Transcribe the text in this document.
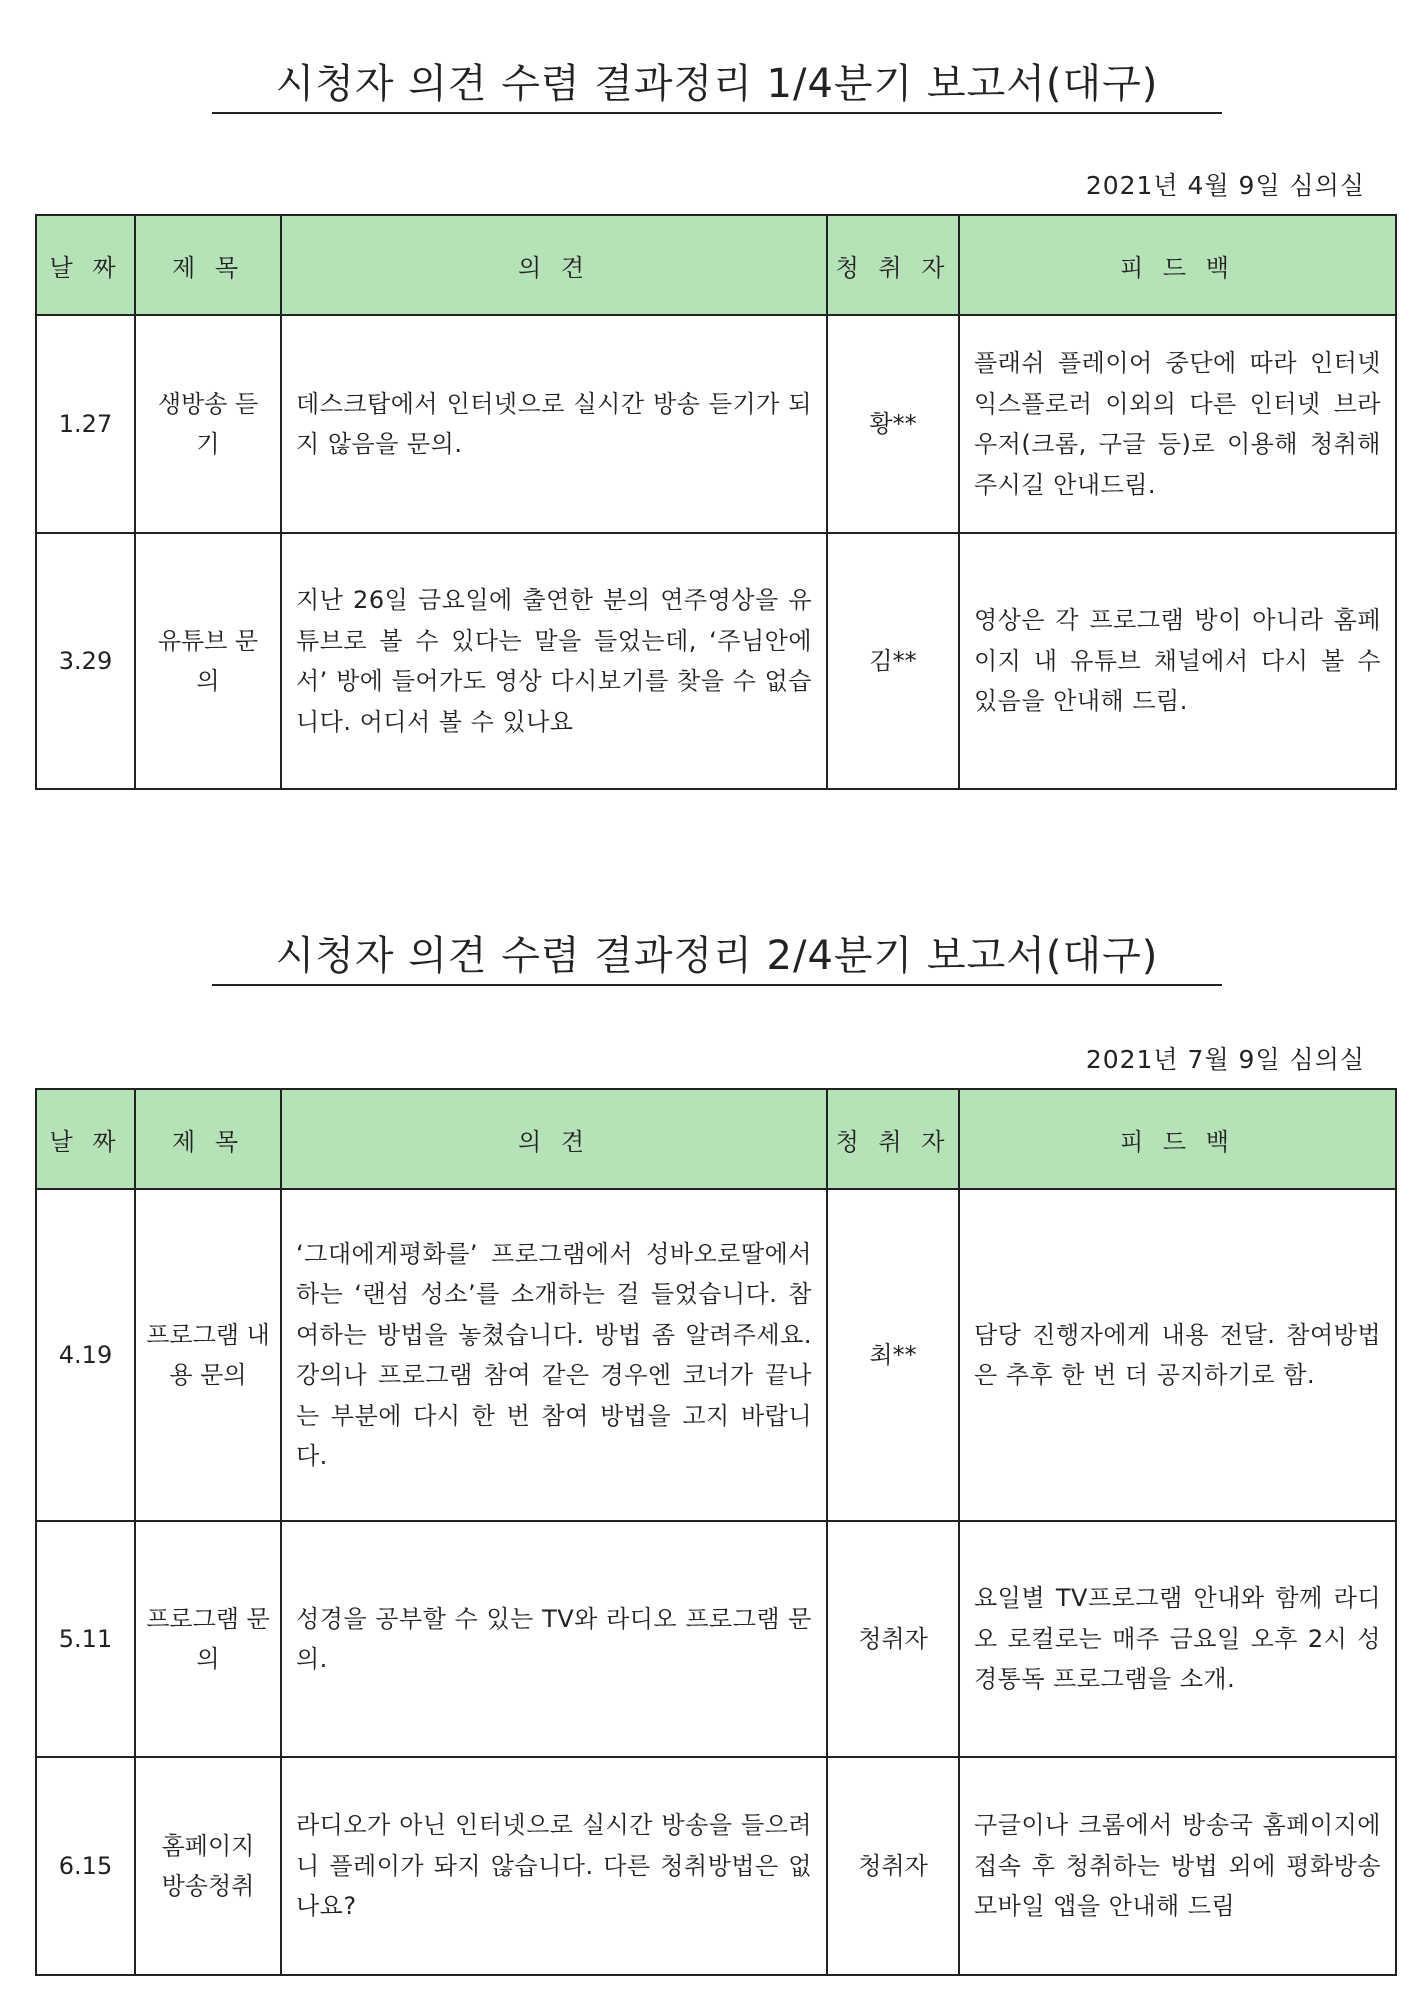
시청자 의견 수렴 결과정리 1/4분기 보고서(대구)
2021년 4월 9일 심의실
날 짜	제 목	의 견	청 취 자	피 드 백
1.27	생방송 듣기	데스크탑에서 인터넷으로 실시간 방송 듣기가 되지 않음을 문의.	황**	플래쉬 플레이어 중단에 따라 인터넷 익스플로러 이외의 다른 인터넷 브라우저(크롬, 구글 등)로 이용해 청취해주시길 안내드림.
3.29	유튜브 문의	지난 26일 금요일에 출연한 분의 연주영상을 유튜브로 볼 수 있다는 말을 들었는데, ‘주님안에서’ 방에 들어가도 영상 다시보기를 찾을 수 없습니다. 어디서 볼 수 있나요	김**	영상은 각 프로그램 방이 아니라 홈페이지 내 유튜브 채널에서 다시 볼 수 있음을 안내해 드림.
시청자 의견 수렴 결과정리 2/4분기 보고서(대구)
2021년 7월 9일 심의실
날 짜	제 목	의 견	청 취 자	피 드 백
4.19	프로그램 내용 문의	‘그대에게평화를’ 프로그램에서 성바오로딸에서 하는 ‘랜섬 성소’를 소개하는 걸 들었습니다. 참여하는 방법을 놓쳤습니다. 방법 좀 알려주세요. 강의나 프로그램 참여 같은 경우엔 코너가 끝나는 부분에 다시 한 번 참여 방법을 고지 바랍니다.	최**	담당 진행자에게 내용 전달. 참여방법은 추후 한 번 더 공지하기로 함.
5.11	프로그램 문의	성경을 공부할 수 있는 TV와 라디오 프로그램 문의.	청취자	요일별 TV프로그램 안내와 함께 라디오 로컬로는 매주 금요일 오후 2시 성경통독 프로그램을 소개.
6.15	홈페이지 방송청취	라디오가 아닌 인터넷으로 실시간 방송을 들으려니 플레이가 돠지 않습니다. 다른 청취방법은 없나요?	청취자	구글이나 크롬에서 방송국 홈페이지에 접속 후 청취하는 방법 외에 평화방송 모바일 앱을 안내해 드림
